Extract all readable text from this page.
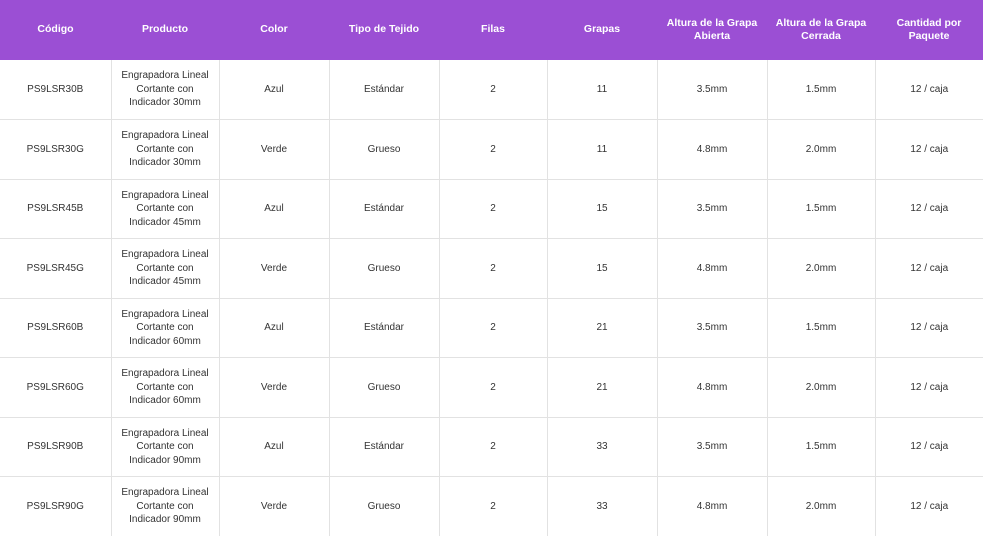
Código	Producto	Color	Tipo de Tejido	Filas	Grapas	Altura de la Grapa Abierta	Altura de la Grapa Cerrada	Cantidad por Paquete
PS9LSR30B	Engrapadora Lineal Cortante con Indicador 30mm	Azul	Estándar	2	11	3.5mm	1.5mm	12 / caja
PS9LSR30G	Engrapadora Lineal Cortante con Indicador 30mm	Verde	Grueso	2	11	4.8mm	2.0mm	12 / caja
PS9LSR45B	Engrapadora Lineal Cortante con Indicador 45mm	Azul	Estándar	2	15	3.5mm	1.5mm	12 / caja
PS9LSR45G	Engrapadora Lineal Cortante con Indicador 45mm	Verde	Grueso	2	15	4.8mm	2.0mm	12 / caja
PS9LSR60B	Engrapadora Lineal Cortante con Indicador 60mm	Azul	Estándar	2	21	3.5mm	1.5mm	12 / caja
PS9LSR60G	Engrapadora Lineal Cortante con Indicador 60mm	Verde	Grueso	2	21	4.8mm	2.0mm	12 / caja
PS9LSR90B	Engrapadora Lineal Cortante con Indicador 90mm	Azul	Estándar	2	33	3.5mm	1.5mm	12 / caja
PS9LSR90G	Engrapadora Lineal Cortante con Indicador 90mm	Verde	Grueso	2	33	4.8mm	2.0mm	12 / caja
